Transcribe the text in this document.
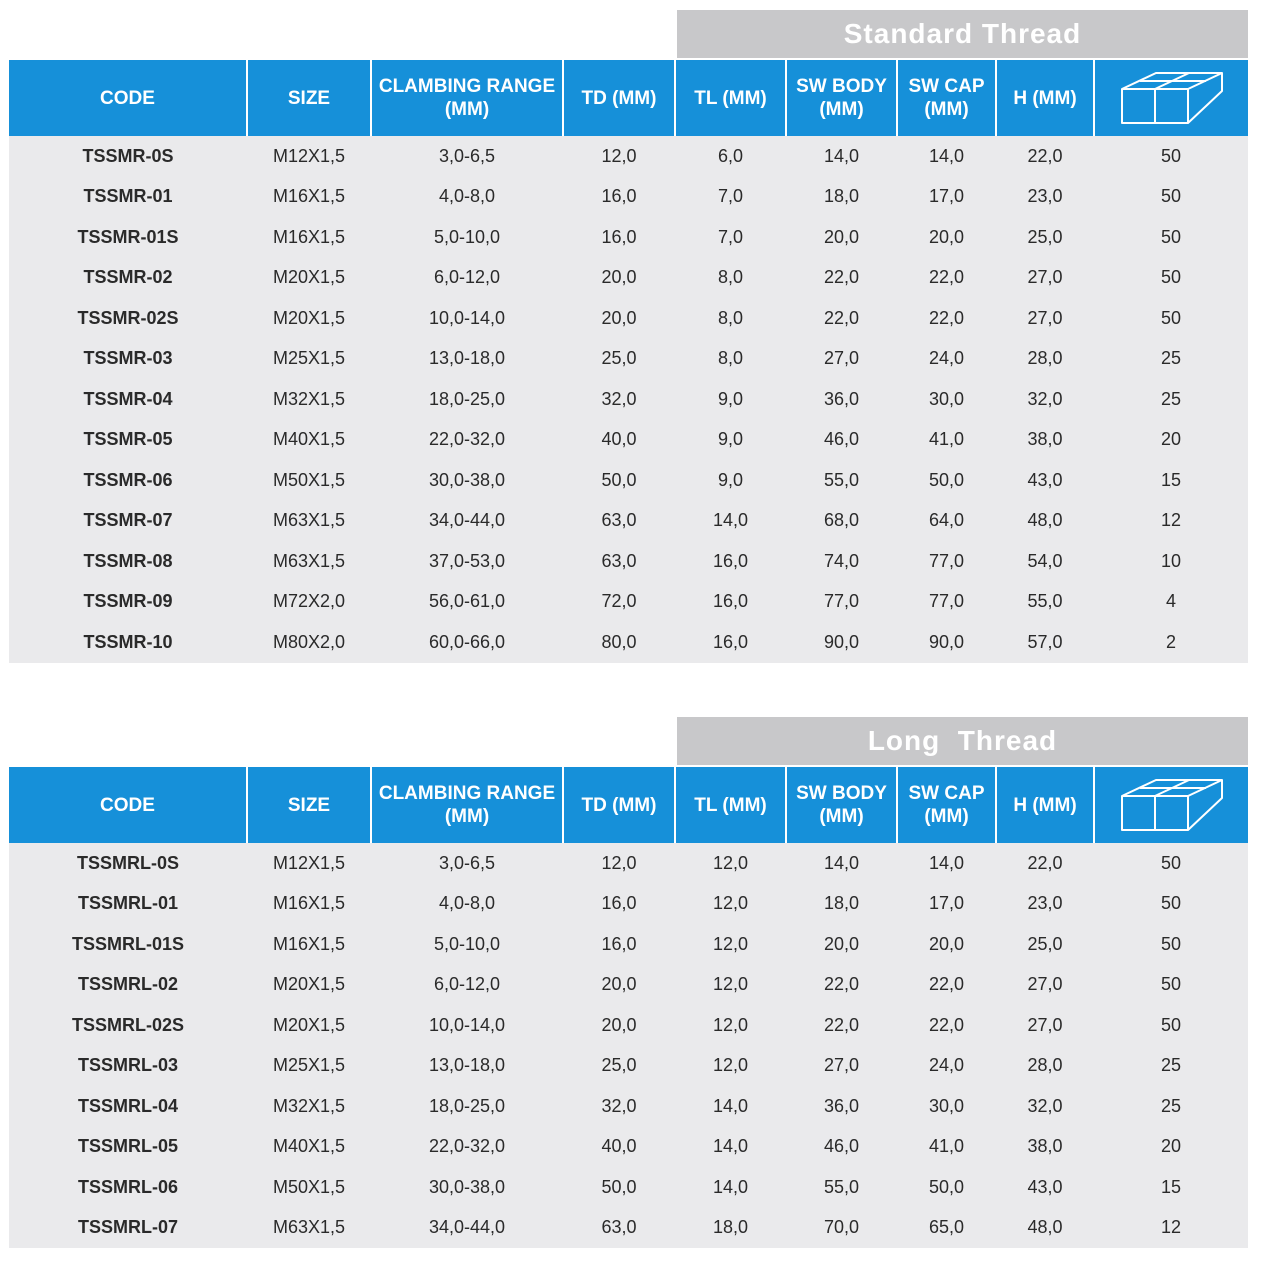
Standard Thread
CODE	SIZE	CLAMBING RANGE (MM)	TD (MM)	TL (MM)	SW BODY (MM)	SW CAP (MM)	H (MM)	

TSSMR-0S	M12X1,5	3,0-6,5	12,0	6,0	14,0	14,0	22,0	50
TSSMR-01	M16X1,5	4,0-8,0	16,0	7,0	18,0	17,0	23,0	50
TSSMR-01S	M16X1,5	5,0-10,0	16,0	7,0	20,0	20,0	25,0	50
TSSMR-02	M20X1,5	6,0-12,0	20,0	8,0	22,0	22,0	27,0	50
TSSMR-02S	M20X1,5	10,0-14,0	20,0	8,0	22,0	22,0	27,0	50
TSSMR-03	M25X1,5	13,0-18,0	25,0	8,0	27,0	24,0	28,0	25
TSSMR-04	M32X1,5	18,0-25,0	32,0	9,0	36,0	30,0	32,0	25
TSSMR-05	M40X1,5	22,0-32,0	40,0	9,0	46,0	41,0	38,0	20
TSSMR-06	M50X1,5	30,0-38,0	50,0	9,0	55,0	50,0	43,0	15
TSSMR-07	M63X1,5	34,0-44,0	63,0	14,0	68,0	64,0	48,0	12
TSSMR-08	M63X1,5	37,0-53,0	63,0	16,0	74,0	77,0	54,0	10
TSSMR-09	M72X2,0	56,0-61,0	72,0	16,0	77,0	77,0	55,0	4
TSSMR-10	M80X2,0	60,0-66,0	80,0	16,0	90,0	90,0	57,0	2
Long  Thread
CODE	SIZE	CLAMBING RANGE (MM)	TD (MM)	TL (MM)	SW BODY (MM)	SW CAP (MM)	H (MM)	

TSSMRL-0S	M12X1,5	3,0-6,5	12,0	12,0	14,0	14,0	22,0	50
TSSMRL-01	M16X1,5	4,0-8,0	16,0	12,0	18,0	17,0	23,0	50
TSSMRL-01S	M16X1,5	5,0-10,0	16,0	12,0	20,0	20,0	25,0	50
TSSMRL-02	M20X1,5	6,0-12,0	20,0	12,0	22,0	22,0	27,0	50
TSSMRL-02S	M20X1,5	10,0-14,0	20,0	12,0	22,0	22,0	27,0	50
TSSMRL-03	M25X1,5	13,0-18,0	25,0	12,0	27,0	24,0	28,0	25
TSSMRL-04	M32X1,5	18,0-25,0	32,0	14,0	36,0	30,0	32,0	25
TSSMRL-05	M40X1,5	22,0-32,0	40,0	14,0	46,0	41,0	38,0	20
TSSMRL-06	M50X1,5	30,0-38,0	50,0	14,0	55,0	50,0	43,0	15
TSSMRL-07	M63X1,5	34,0-44,0	63,0	18,0	70,0	65,0	48,0	12
